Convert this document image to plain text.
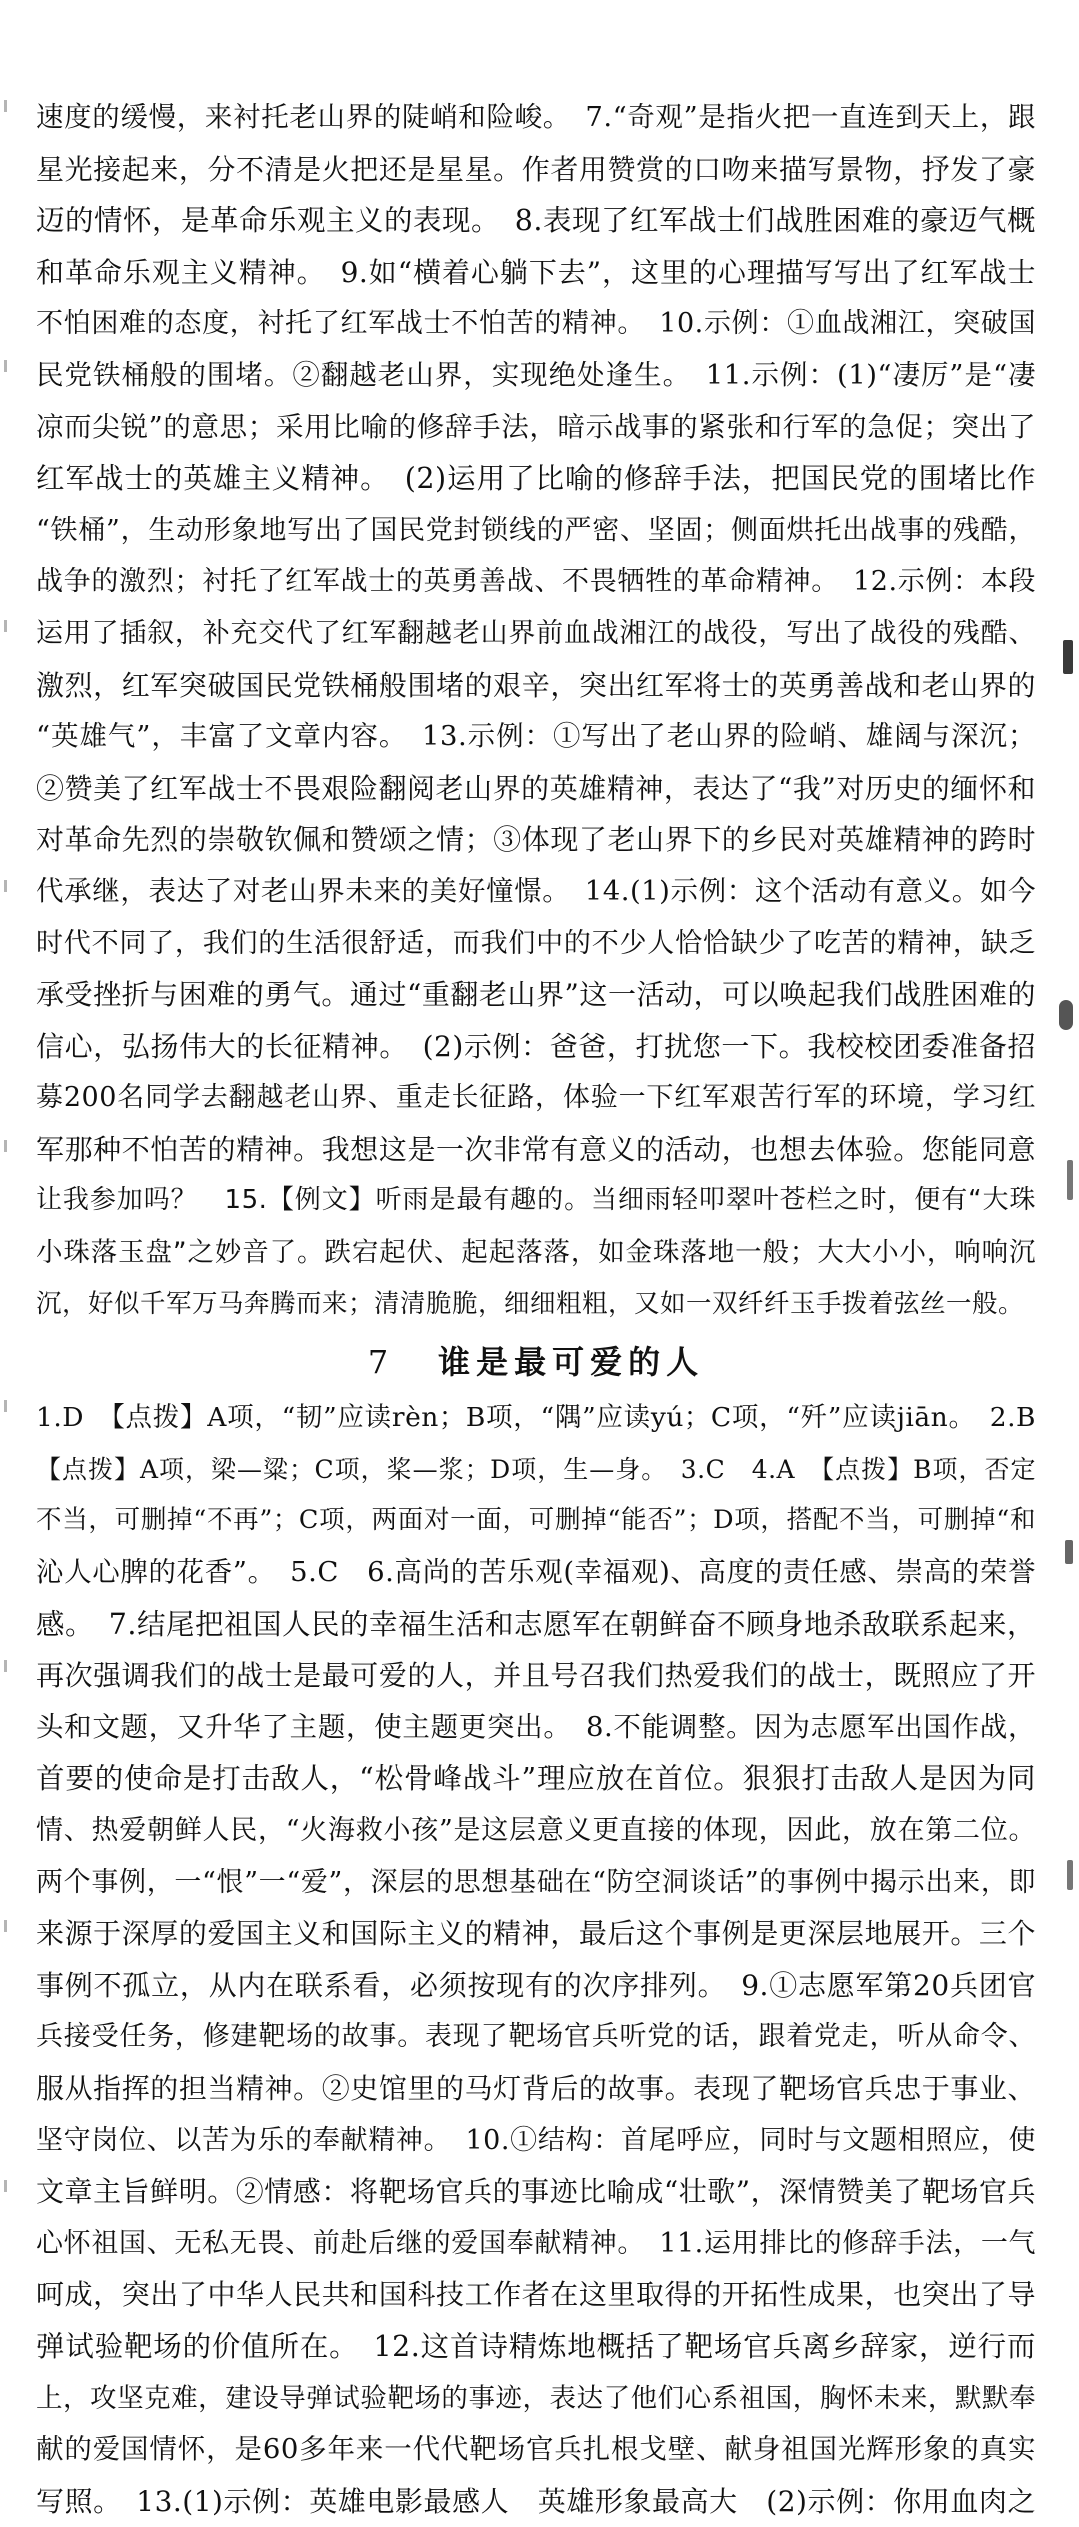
速度的缓慢，来衬托老山界的陡峭和险峻。　7.“奇观”是指火把一直连到天上，跟
星光接起来，分不清是火把还是星星。作者用赞赏的口吻来描写景物，抒发了豪
迈的情怀，是革命乐观主义的表现。　8.表现了红军战士们战胜困难的豪迈气概
和革命乐观主义精神。　9.如“横着心躺下去”，这里的心理描写写出了红军战士
不怕困难的态度，衬托了红军战士不怕苦的精神。　10.示例：①血战湘江，突破国
民党铁桶般的围堵。②翻越老山界，实现绝处逢生。　11.示例：(1)“凄厉”是“凄
凉而尖锐”的意思；采用比喻的修辞手法，暗示战事的紧张和行军的急促；突出了
红军战士的英雄主义精神。　(2)运用了比喻的修辞手法，把国民党的围堵比作
“铁桶”，生动形象地写出了国民党封锁线的严密、坚固；侧面烘托出战事的残酷，
战争的激烈；衬托了红军战士的英勇善战、不畏牺牲的革命精神。　12.示例：本段
运用了插叙，补充交代了红军翻越老山界前血战湘江的战役，写出了战役的残酷、
激烈，红军突破国民党铁桶般围堵的艰辛，突出红军将士的英勇善战和老山界的
“英雄气”，丰富了文章内容。　13.示例：①写出了老山界的险峭、雄阔与深沉；
②赞美了红军战士不畏艰险翻阅老山界的英雄精神，表达了“我”对历史的缅怀和
对革命先烈的崇敬钦佩和赞颂之情；③体现了老山界下的乡民对英雄精神的跨时
代承继，表达了对老山界未来的美好憧憬。　14.(1)示例：这个活动有意义。如今
时代不同了，我们的生活很舒适，而我们中的不少人恰恰缺少了吃苦的精神，缺乏
承受挫折与困难的勇气。通过“重翻老山界”这一活动，可以唤起我们战胜困难的
信心，弘扬伟大的长征精神。　(2)示例：爸爸，打扰您一下。我校校团委准备招
募200名同学去翻越老山界、重走长征路，体验一下红军艰苦行军的环境，学习红
军那种不怕苦的精神。我想这是一次非常有意义的活动，也想去体验。您能同意
让我参加吗？　15.【例文】听雨是最有趣的。当细雨轻叩翠叶苍栏之时，便有“大珠
小珠落玉盘”之妙音了。跌宕起伏、起起落落，如金珠落地一般；大大小小，响响沉
沉，好似千军万马奔腾而来；清清脆脆，细细粗粗，又如一双纤纤玉手拨着弦丝一般。
7 谁是最可爱的人
1.D　【点拨】A项，“韧”应读rèn；B项，“隅”应读yú；C项，“歼”应读jiān。　2.B
【点拨】A项，梁—粱；C项，桨—浆；D项，生—身。　3.C　4.A　【点拨】B项，否定
不当，可删掉“不再”；C项，两面对一面，可删掉“能否”；D项，搭配不当，可删掉“和
沁人心脾的花香”。　5.C　6.高尚的苦乐观(幸福观)、高度的责任感、崇高的荣誉
感。　7.结尾把祖国人民的幸福生活和志愿军在朝鲜奋不顾身地杀敌联系起来，
再次强调我们的战士是最可爱的人，并且号召我们热爱我们的战士，既照应了开
头和文题，又升华了主题，使主题更突出。　8.不能调整。因为志愿军出国作战，
首要的使命是打击敌人，“松骨峰战斗”理应放在首位。狠狠打击敌人是因为同
情、热爱朝鲜人民，“火海救小孩”是这层意义更直接的体现，因此，放在第二位。
两个事例，一“恨”一“爱”，深层的思想基础在“防空洞谈话”的事例中揭示出来，即
来源于深厚的爱国主义和国际主义的精神，最后这个事例是更深层地展开。三个
事例不孤立，从内在联系看，必须按现有的次序排列。　9.①志愿军第20兵团官
兵接受任务，修建靶场的故事。表现了靶场官兵听党的话，跟着党走，听从命令、
服从指挥的担当精神。②史馆里的马灯背后的故事。表现了靶场官兵忠于事业、
坚守岗位、以苦为乐的奉献精神。　10.①结构：首尾呼应，同时与文题相照应，使
文章主旨鲜明。②情感：将靶场官兵的事迹比喻成“壮歌”，深情赞美了靶场官兵
心怀祖国、无私无畏、前赴后继的爱国奉献精神。　11.运用排比的修辞手法，一气
呵成，突出了中华人民共和国科技工作者在这里取得的开拓性成果，也突出了导
弹试验靶场的价值所在。　12.这首诗精炼地概括了靶场官兵离乡辞家，逆行而
上，攻坚克难，建设导弹试验靶场的事迹，表达了他们心系祖国，胸怀未来，默默奉
献的爱国情怀，是60多年来一代代靶场官兵扎根戈壁、献身祖国光辉形象的真实
写照。　13.(1)示例：英雄电影最感人　英雄形象最高大　(2)示例：你用血肉之
